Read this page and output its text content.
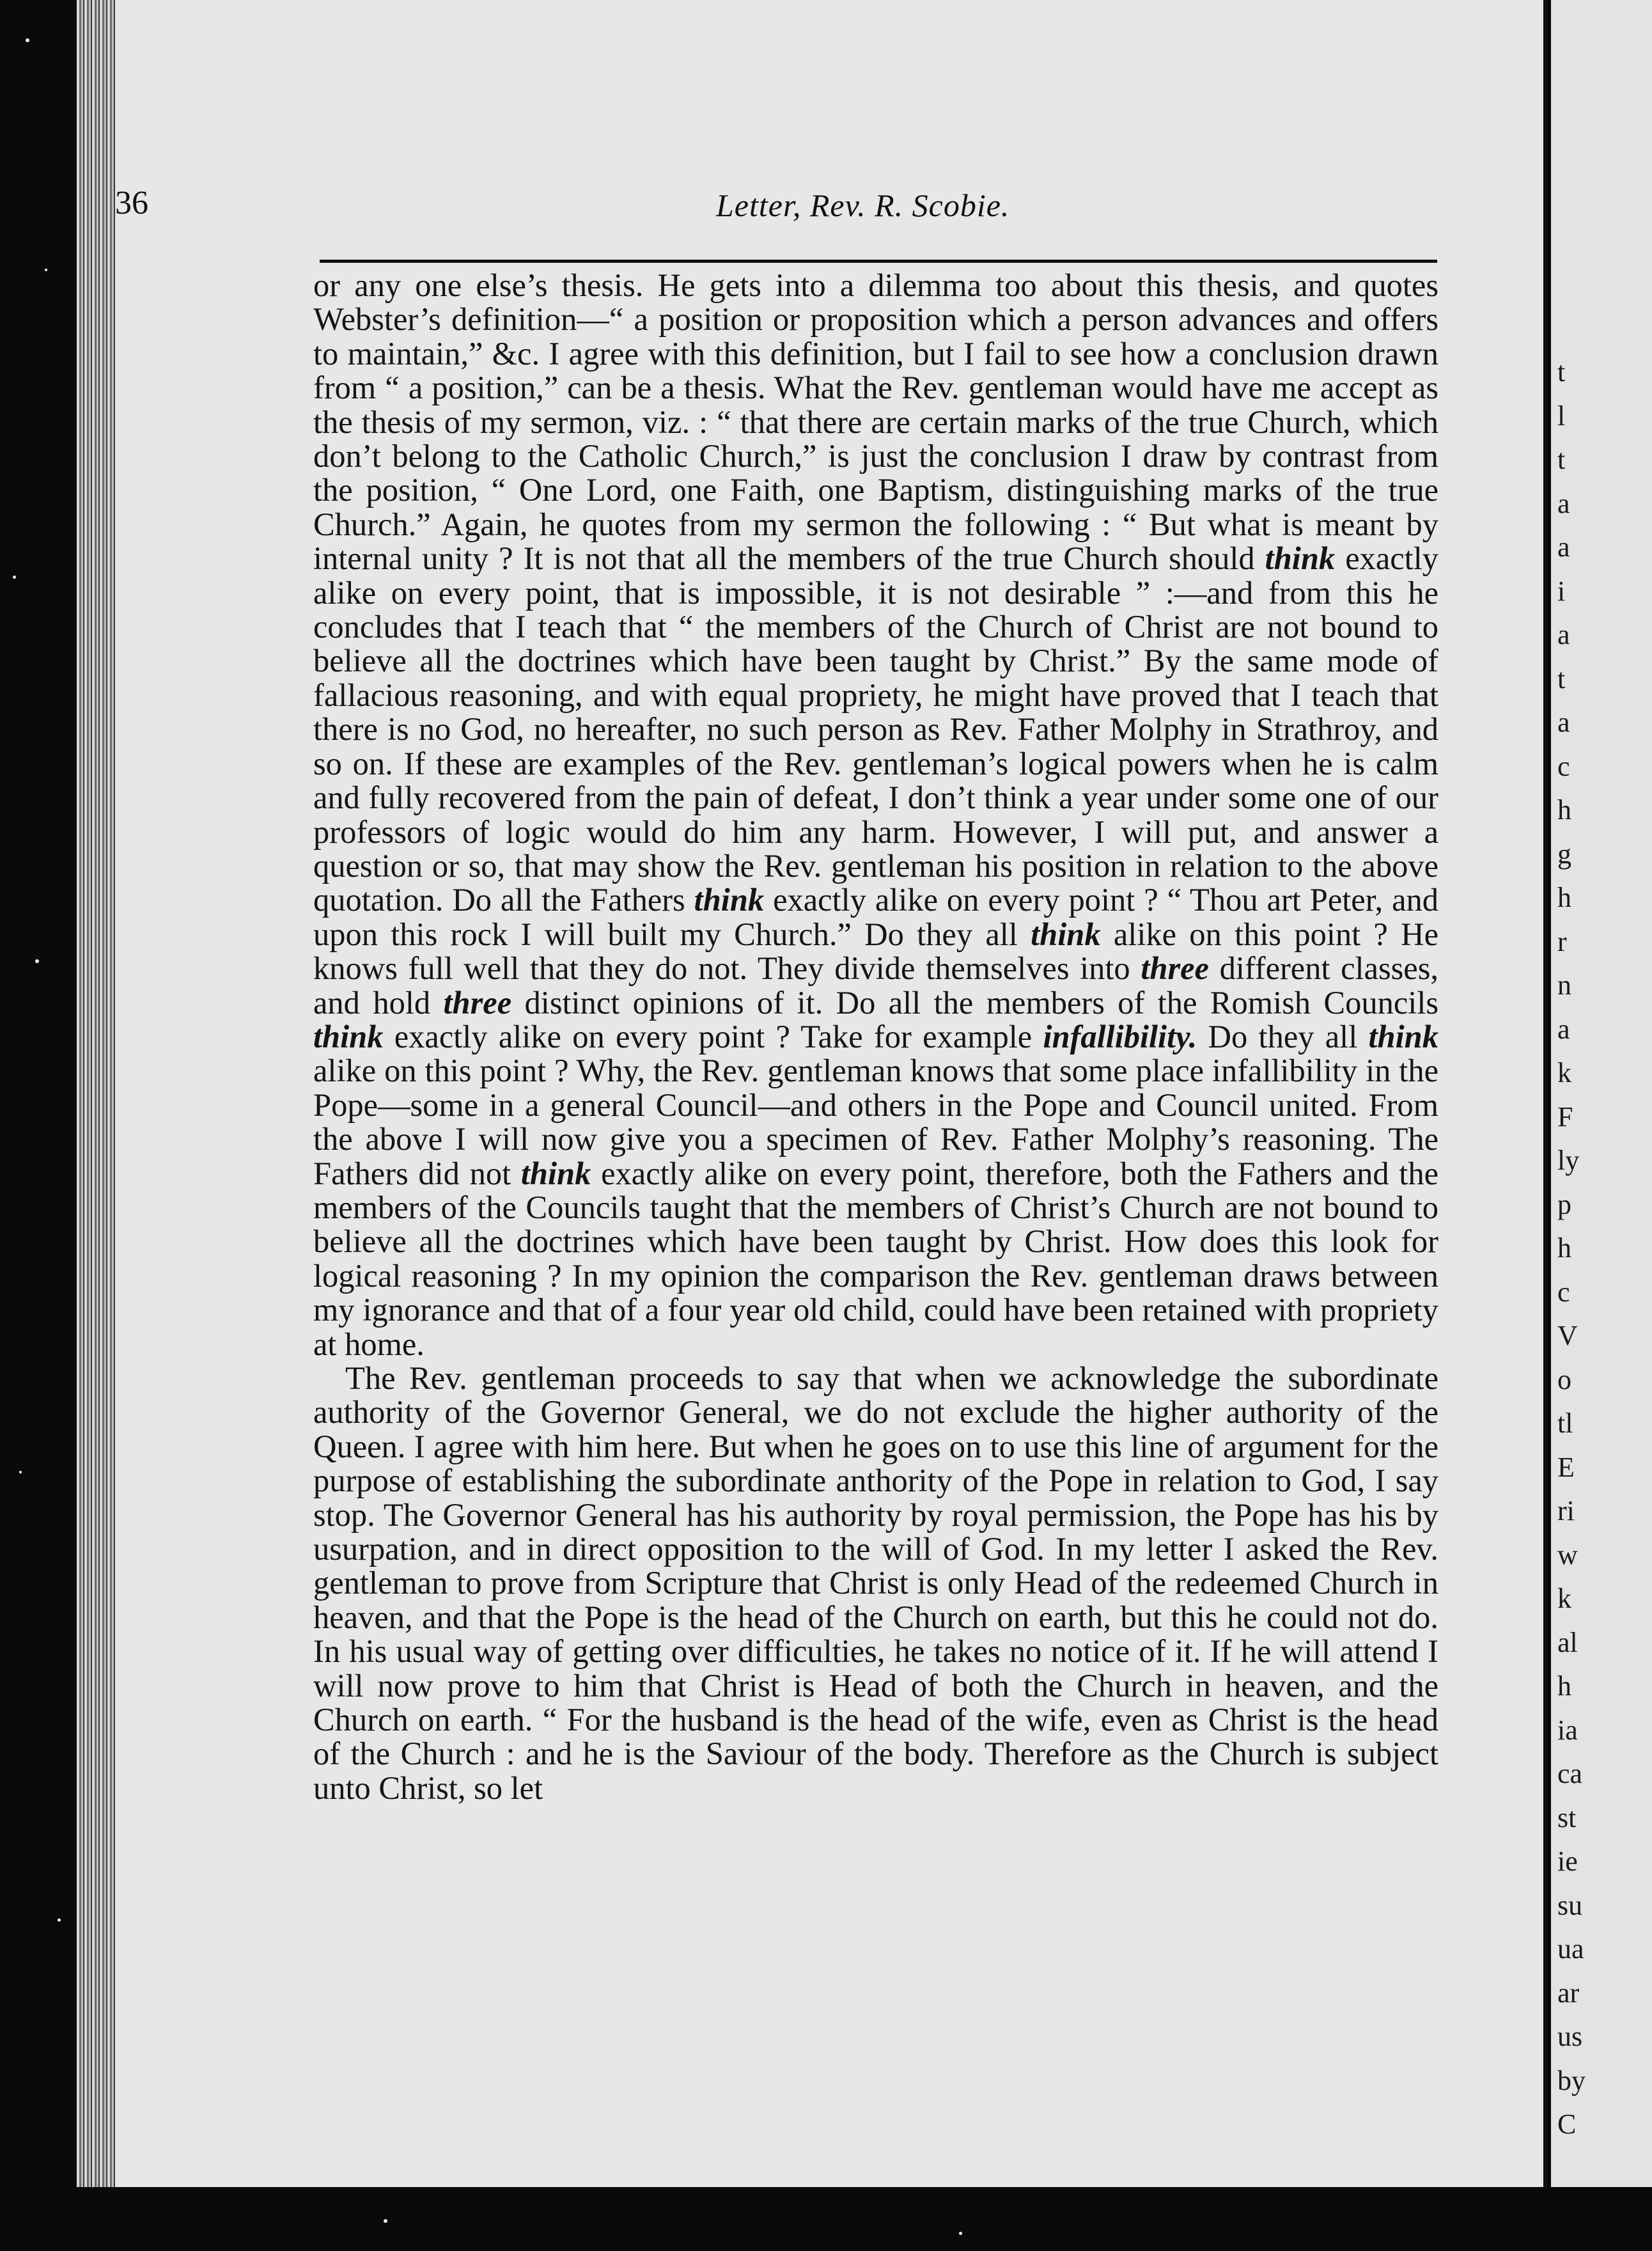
36	Letter, Rev. R. Scobie.

or any one else’s thesis. He gets into a dilemma too about this thesis, and quotes Webster’s definition—“ a position or proposition which a person advances and offers to maintain,” &c. I agree with this definition, but I fail to see how a conclusion drawn from “ a position,” can be a thesis. What the Rev. gentleman would have me accept as the thesis of my sermon, viz. : “ that there are certain marks of the true Church, which don’t belong to the Catholic Church,” is just the conclusion I draw by contrast from the position, “ One Lord, one Faith, one Baptism, distinguishing marks of the true Church.” Again, he quotes from my sermon the following : “ But what is meant by internal unity ? It is not that all the members of the true Church should think exactly alike on every point, that is impossible, it is not desirable ” :—and from this he concludes that I teach that “ the members of the Church of Christ are not bound to believe all the doctrines which have been taught by Christ.” By the same mode of fallacious reasoning, and with equal propriety, he might have proved that I teach that there is no God, no hereafter, no such person as Rev. Father Molphy in Strathroy, and so on. If these are examples of the Rev. gentleman’s logical powers when he is calm and fully recovered from the pain of defeat, I don’t think a year under some one of our professors of logic would do him any harm. However, I will put, and answer a question or so, that may show the Rev. gentleman his position in relation to the above quotation. Do all the Fathers think exactly alike on every point ? “ Thou art Peter, and upon this rock I will built my Church.” Do they all think alike on this point ? He knows full well that they do not. They divide themselves into three different classes, and hold three distinct opinions of it. Do all the members of the Romish Councils think exactly alike on every point ? Take for example infallibility. Do they all think alike on this point ? Why, the Rev. gentleman knows that some place infallibility in the Pope—some in a general Council—and others in the Pope and Council united. From the above I will now give you a specimen of Rev. Father Molphy’s reasoning. The Fathers did not think exactly alike on every point, therefore, both the Fathers and the members of the Councils taught that the members of Christ’s Church are not bound to believe all the doctrines which have been taught by Christ. How does this look for logical reasoning ? In my opinion the comparison the Rev. gentleman draws between my ignorance and that of a four year old child, could have been retained with propriety at home.

The Rev. gentleman proceeds to say that when we acknowledge the subordinate authority of the Governor General, we do not exclude the higher authority of the Queen. I agree with him here. But when he goes on to use this line of argument for the purpose of establishing the subordinate anthority of the Pope in relation to God, I say stop. The Governor General has his authority by royal permission, the Pope has his by usurpation, and in direct opposition to the will of God. In my letter I asked the Rev. gentleman to prove from Scripture that Christ is only Head of the redeemed Church in heaven, and that the Pope is the head of the Church on earth, but this he could not do. In his usual way of getting over difficulties, he takes no notice of it. If he will attend I will now prove to him that Christ is Head of both the Church in heaven, and the Church on earth. “ For the husband is the head of the wife, even as Christ is the head of the Church : and he is the Saviour of the body. Therefore as the Church is subject unto Christ, so let

t
l
t
a
a
i
a
t
a
c
h
g
h
r
n
a
k
F
ly
p
h
c
V
o
tl
E
ri
w
k
al
h
ia
ca
st
ie
su
ua
ar
us
by
C
